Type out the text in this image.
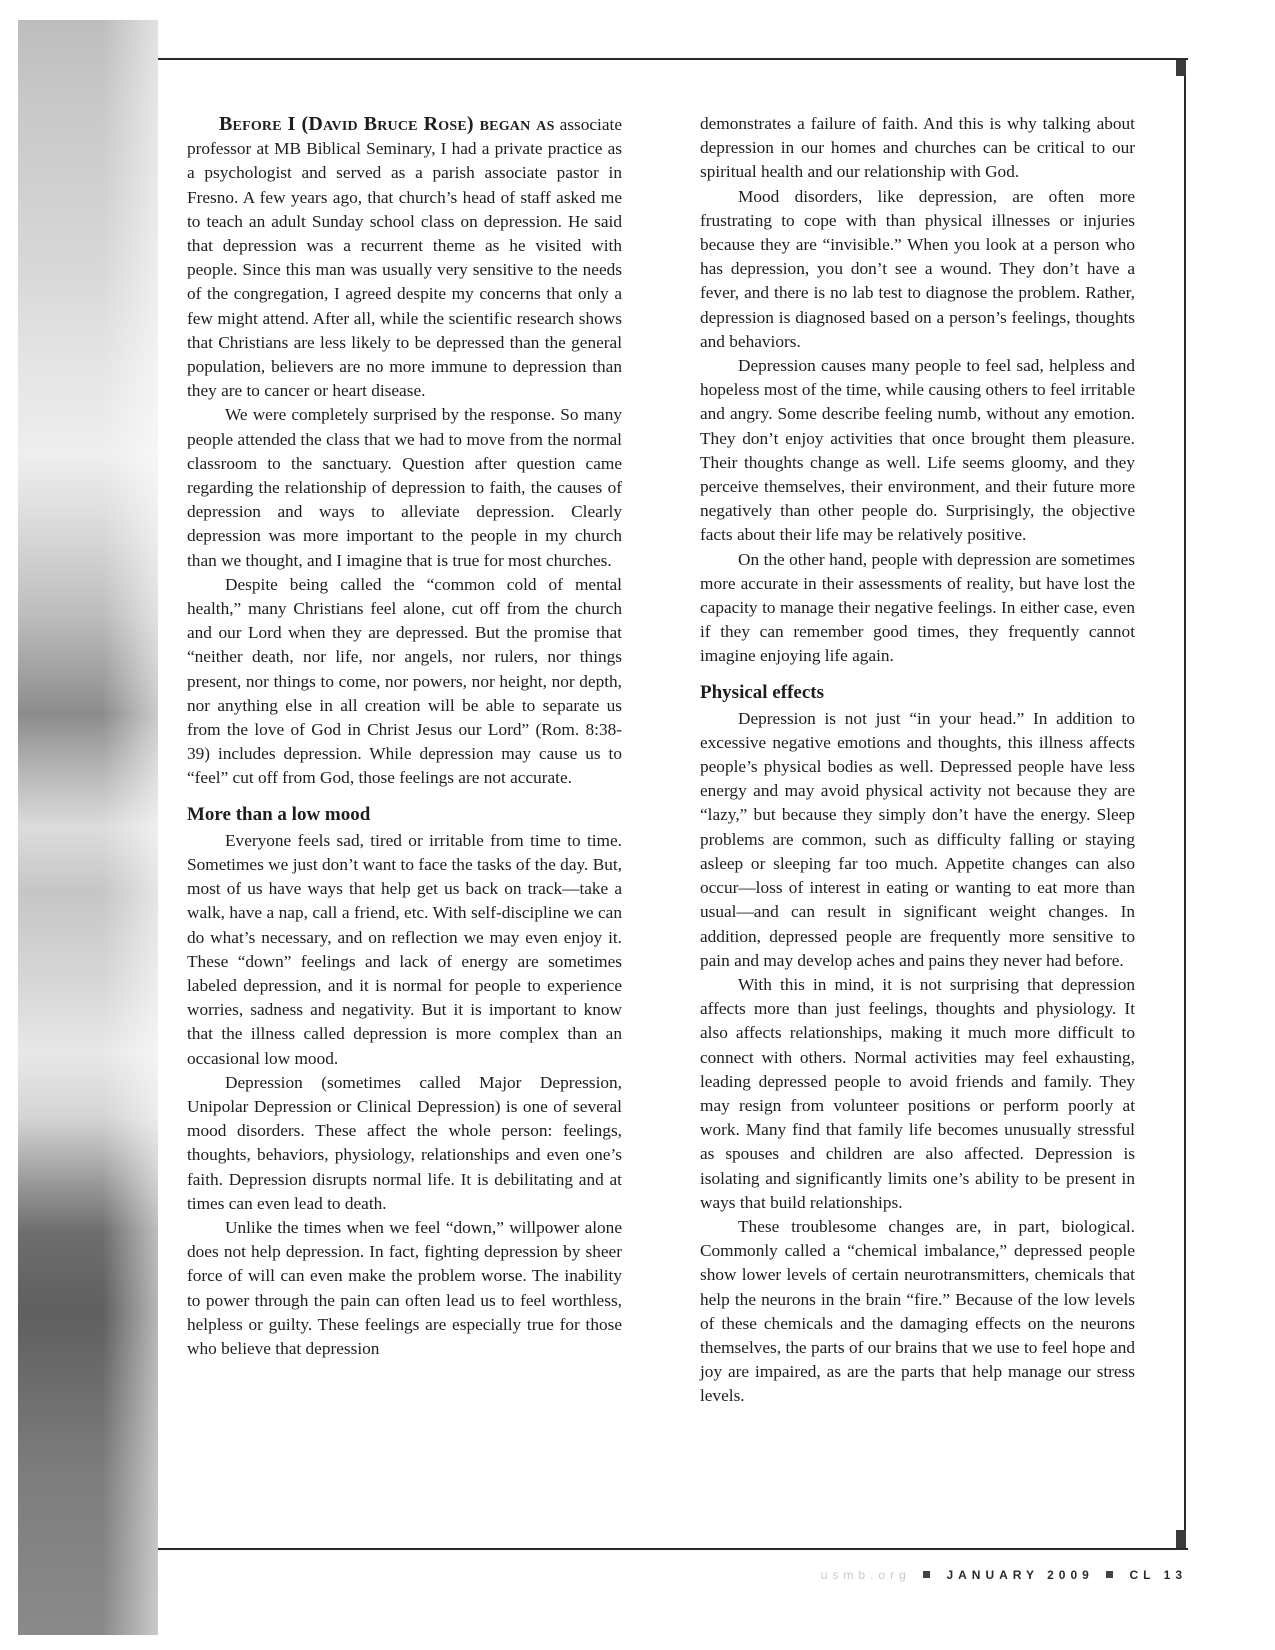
Before I (David Bruce Rose) began as associate professor at MB Biblical Seminary, I had a private practice as a psychologist and served as a parish associate pastor in Fresno. A few years ago, that church’s head of staff asked me to teach an adult Sunday school class on depression. He said that depression was a recurrent theme as he visited with people. Since this man was usually very sensitive to the needs of the congregation, I agreed despite my concerns that only a few might attend. After all, while the scientific research shows that Christians are less likely to be depressed than the general population, believers are no more immune to depression than they are to cancer or heart disease.

We were completely surprised by the response. So many people attended the class that we had to move from the normal classroom to the sanctuary. Question after question came regarding the relationship of depression to faith, the causes of depression and ways to alleviate depression. Clearly depression was more important to the people in my church than we thought, and I imagine that is true for most churches.

Despite being called the “common cold of mental health,” many Christians feel alone, cut off from the church and our Lord when they are depressed. But the promise that “neither death, nor life, nor angels, nor rulers, nor things present, nor things to come, nor powers, nor height, nor depth, nor anything else in all creation will be able to separate us from the love of God in Christ Jesus our Lord” (Rom. 8:38-39) includes depression. While depression may cause us to “feel” cut off from God, those feelings are not accurate.

More than a low mood

Everyone feels sad, tired or irritable from time to time. Sometimes we just don’t want to face the tasks of the day. But, most of us have ways that help get us back on track—take a walk, have a nap, call a friend, etc. With self-discipline we can do what’s necessary, and on reflection we may even enjoy it. These “down” feelings and lack of energy are sometimes labeled depression, and it is normal for people to experience worries, sadness and negativity. But it is important to know that the illness called depression is more complex than an occasional low mood.

Depression (sometimes called Major Depression, Unipolar Depression or Clinical Depression) is one of several mood disorders. These affect the whole person: feelings, thoughts, behaviors, physiology, relationships and even one’s faith. Depression disrupts normal life. It is debilitating and at times can even lead to death.

Unlike the times when we feel “down,” willpower alone does not help depression. In fact, fighting depression by sheer force of will can even make the problem worse. The inability to power through the pain can often lead us to feel worthless, helpless or guilty. These feelings are especially true for those who believe that depression

demonstrates a failure of faith. And this is why talking about depression in our homes and churches can be critical to our spiritual health and our relationship with God.

Mood disorders, like depression, are often more frustrating to cope with than physical illnesses or injuries because they are “invisible.” When you look at a person who has depression, you don’t see a wound. They don’t have a fever, and there is no lab test to diagnose the problem. Rather, depression is diagnosed based on a person’s feelings, thoughts and behaviors.

Depression causes many people to feel sad, helpless and hopeless most of the time, while causing others to feel irritable and angry. Some describe feeling numb, without any emotion. They don’t enjoy activities that once brought them pleasure. Their thoughts change as well. Life seems gloomy, and they perceive themselves, their environment, and their future more negatively than other people do. Surprisingly, the objective facts about their life may be relatively positive.

On the other hand, people with depression are sometimes more accurate in their assessments of reality, but have lost the capacity to manage their negative feelings. In either case, even if they can remember good times, they frequently cannot imagine enjoying life again.

Physical effects

Depression is not just “in your head.” In addition to excessive negative emotions and thoughts, this illness affects people’s physical bodies as well. Depressed people have less energy and may avoid physical activity not because they are “lazy,” but because they simply don’t have the energy. Sleep problems are common, such as difficulty falling or staying asleep or sleeping far too much. Appetite changes can also occur—loss of interest in eating or wanting to eat more than usual—and can result in significant weight changes. In addition, depressed people are frequently more sensitive to pain and may develop aches and pains they never had before.

With this in mind, it is not surprising that depression affects more than just feelings, thoughts and physiology. It also affects relationships, making it much more difficult to connect with others. Normal activities may feel exhausting, leading depressed people to avoid friends and family. They may resign from volunteer positions or perform poorly at work. Many find that family life becomes unusually stressful as spouses and children are also affected. Depression is isolating and significantly limits one’s ability to be present in ways that build relationships.

These troublesome changes are, in part, biological. Commonly called a “chemical imbalance,” depressed people show lower levels of certain neurotransmitters, chemicals that help the neurons in the brain “fire.” Because of the low levels of these chemicals and the damaging effects on the neurons themselves, the parts of our brains that we use to feel hope and joy are impaired, as are the parts that help manage our stress levels.

usmb.org	JANUARY 2009	CL 13
